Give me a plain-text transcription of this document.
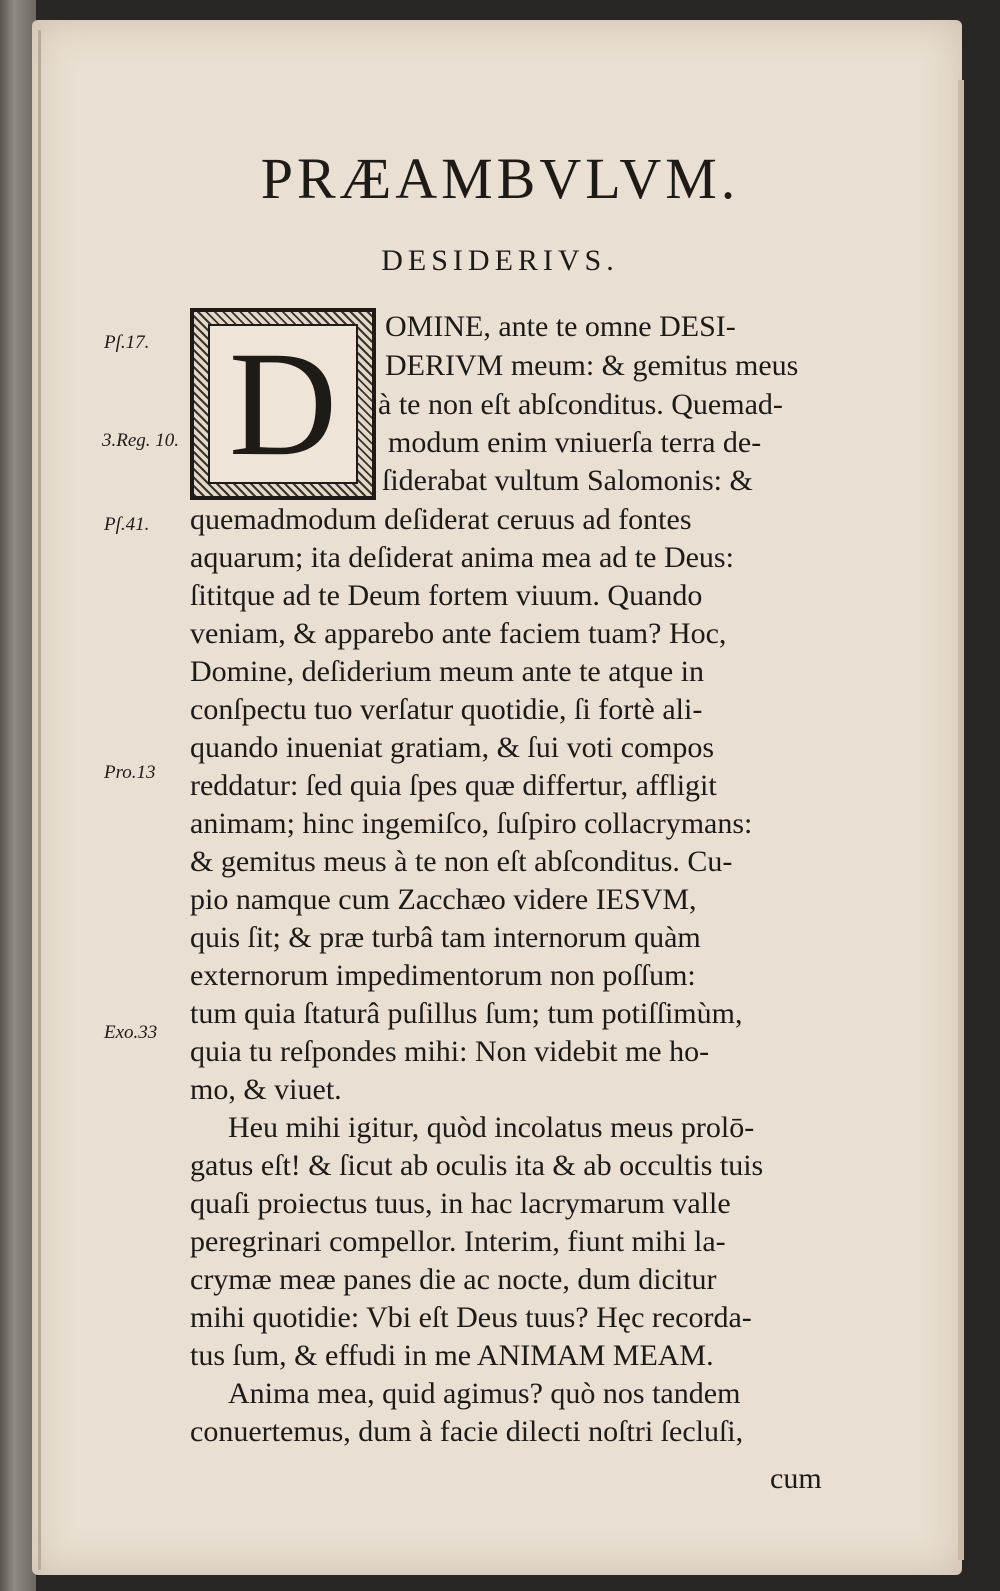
PRÆAMBVLVM.
DESIDERIVS.
D
Pſ.17.
3.Reg. 10.
Pſ.41.
Pro.13
Exo.33
OMINE, ante te omne DESI-
DERIVM meum: & gemitus meus
à te non eſt abſconditus. Quemad-
modum enim vniuerſa terra de-
ſiderabat vultum Salomonis: &
quemadmodum deſiderat ceruus ad fontes
aquarum; ita deſiderat anima mea ad te Deus:
ſititque ad te Deum fortem viuum. Quando
veniam, & apparebo ante faciem tuam? Hoc,
Domine, deſiderium meum ante te atque in
conſpectu tuo verſatur quotidie, ſi fortè ali-
quando inueniat gratiam, & ſui voti compos
reddatur: ſed quia ſpes quæ differtur, affligit
animam; hinc ingemiſco, ſuſpiro collacrymans:
& gemitus meus à te non eſt abſconditus. Cu-
pio namque cum Zacchæo videre IESVM,
quis ſit; & præ turbâ tam internorum quàm
externorum impedimentorum non poſſum:
tum quia ſtaturâ puſillus ſum; tum potiſſimùm,
quia tu reſpondes mihi: Non videbit me ho-
mo, & viuet.
Heu mihi igitur, quòd incolatus meus prolō-
gatus eſt! & ſicut ab oculis ita & ab occultis tuis
quaſi proiectus tuus, in hac lacrymarum valle
peregrinari compellor. Interim, fiunt mihi la-
crymæ meæ panes die ac nocte, dum dicitur
mihi quotidie: Vbi eſt Deus tuus? Hęc recorda-
tus ſum, & effudi in me ANIMAM MEAM.
Anima mea, quid agimus? quò nos tandem
conuertemus, dum à facie dilecti noſtri ſecluſi,
cum
